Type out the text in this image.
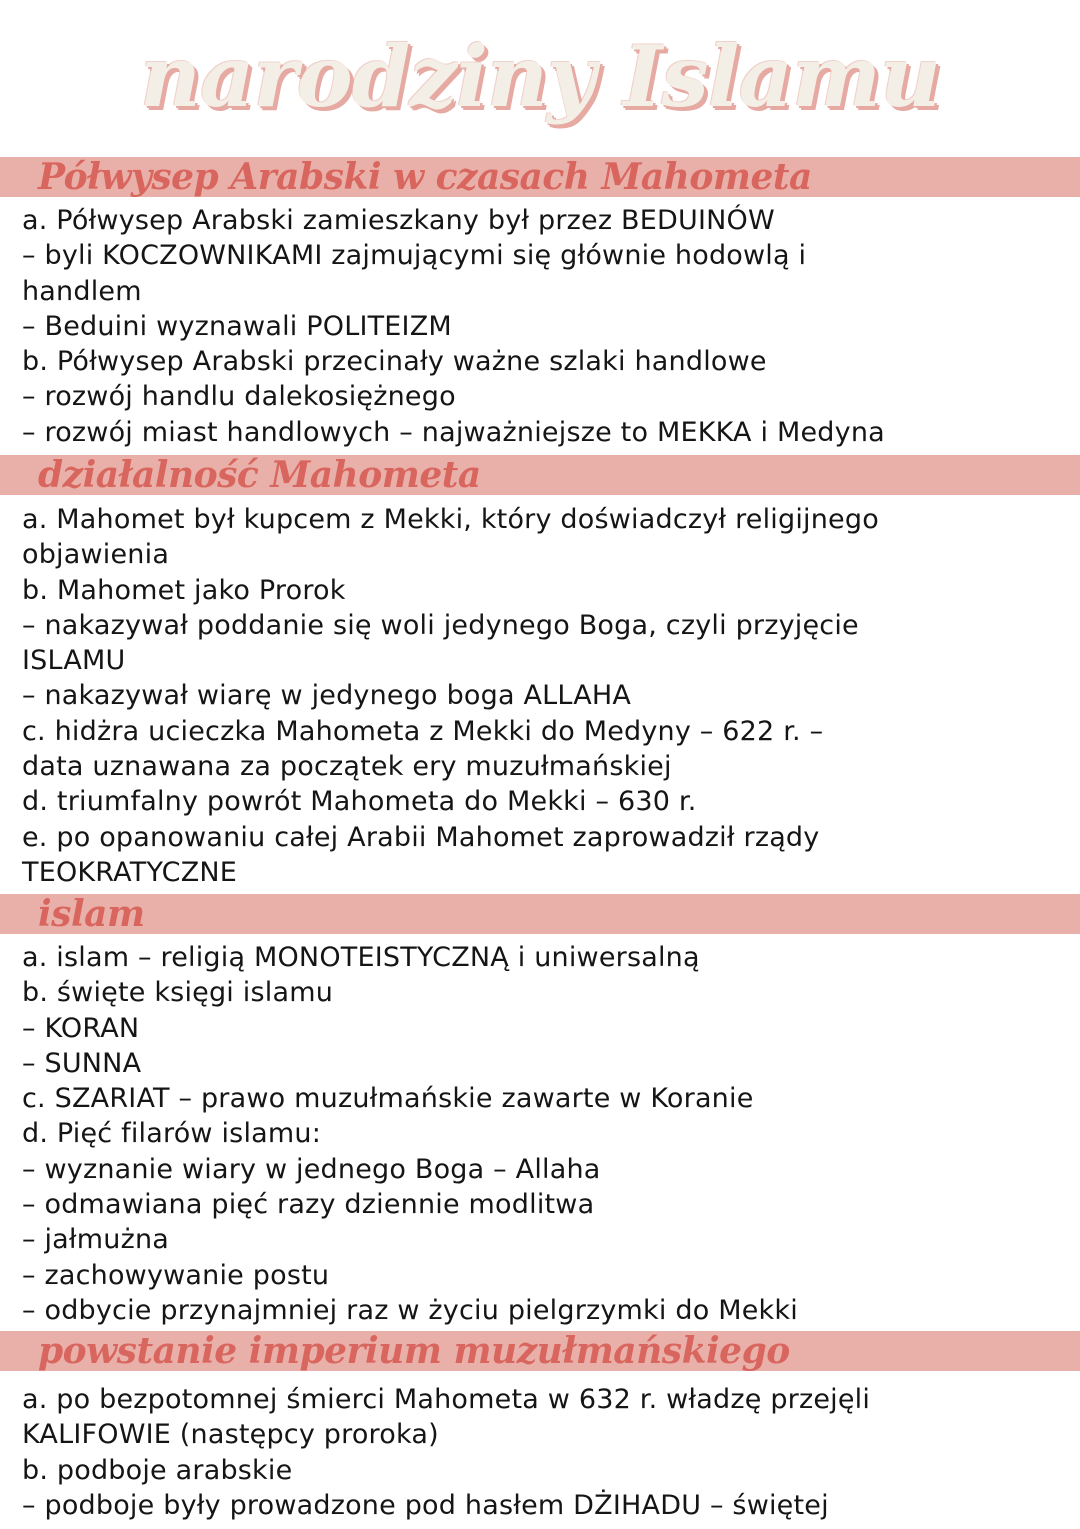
narodziny Islamu
Półwysep Arabski w czasach Mahometa
a. Półwysep Arabski zamieszkany był przez BEDUINÓW
– byli KOCZOWNIKAMI zajmującymi się głównie hodowlą i
handlem
– Beduini wyznawali POLITEIZM
b. Półwysep Arabski przecinały ważne szlaki handlowe
– rozwój handlu dalekosiężnego
– rozwój miast handlowych – najważniejsze to MEKKA i Medyna
działalność Mahometa
a. Mahomet był kupcem z Mekki, który doświadczył religijnego
objawienia
b. Mahomet jako Prorok
– nakazywał poddanie się woli jedynego Boga, czyli przyjęcie
ISLAMU
– nakazywał wiarę w jedynego boga ALLAHA
c. hidżra ucieczka Mahometa z Mekki do Medyny – 622 r. –
data uznawana za początek ery muzułmańskiej
d. triumfalny powrót Mahometa do Mekki – 630 r.
e. po opanowaniu całej Arabii Mahomet zaprowadził rządy
TEOKRATYCZNE
islam
a. islam – religią MONOTEISTYCZNĄ i uniwersalną
b. święte księgi islamu
– KORAN
– SUNNA
c. SZARIAT – prawo muzułmańskie zawarte w Koranie
d. Pięć filarów islamu:
– wyznanie wiary w jednego Boga – Allaha
– odmawiana pięć razy dziennie modlitwa
– jałmużna
– zachowywanie postu
– odbycie przynajmniej raz w życiu pielgrzymki do Mekki
powstanie imperium muzułmańskiego
a. po bezpotomnej śmierci Mahometa w 632 r. władzę przejęli
KALIFOWIE (następcy proroka)
b. podboje arabskie
– podboje były prowadzone pod hasłem DŻIHADU – świętej
